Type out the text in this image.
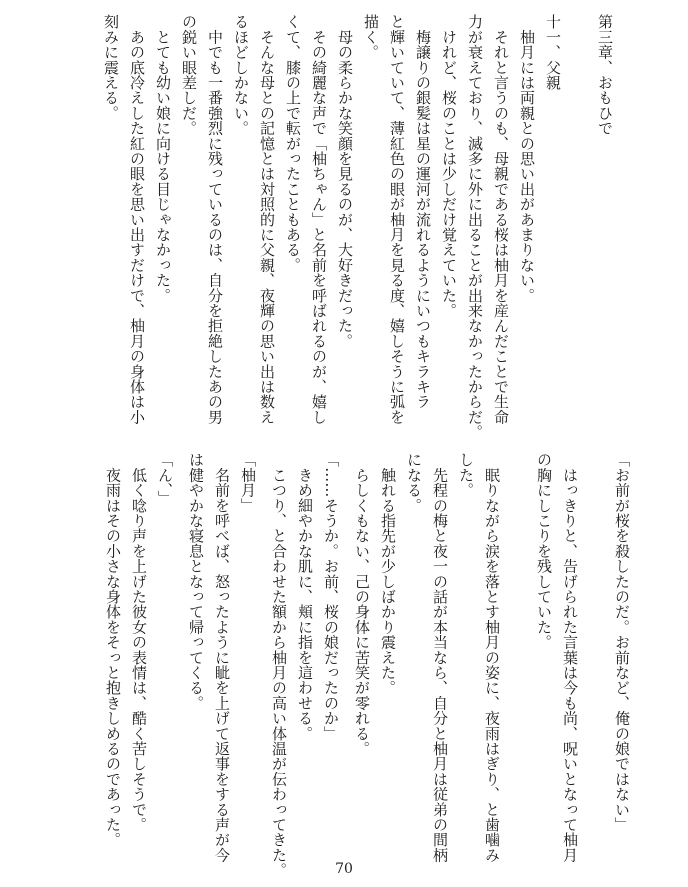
第三章、おもひで
十一、父親
　柚月には両親との思い出があまりない。
　それと言うのも、母親である桜は柚月を産んだことで生命
力が衰えており、滅多に外に出ることが出来なかったからだ。
　けれど、桜のことは少しだけ覚えていた。
　梅譲りの銀髪は星の運河が流れるようにいつもキラキラ
と輝いていて、薄紅色の眼が柚月を見る度、嬉しそうに弧を
描く。
　母の柔らかな笑顔を見るのが、大好きだった。
　その綺麗な声で「柚ちゃん」と名前を呼ばれるのが、嬉し
くて、膝の上で転がったこともある。
　そんな母との記憶とは対照的に父親、夜輝の思い出は数え
るほどしかない。
　中でも一番強烈に残っているのは、自分を拒絶したあの男
の鋭い眼差しだ。
　とても幼い娘に向ける目じゃなかった。
　あの底冷えした紅の眼を思い出すだけで、柚月の身体は小
刻みに震える。
「お前が桜を殺したのだ。お前など、俺の娘ではない」
　はっきりと、告げられた言葉は今も尚、呪いとなって柚月
の胸にしこりを残していた。
　眠りながら涙を落とす柚月の姿に、夜雨はぎり、と歯噛み
した。
　先程の梅と夜一の話が本当なら、自分と柚月は従弟の間柄
になる。
　触れる指先が少しばかり震えた。
　らしくもない、己の身体に苦笑が零れる。
「……そうか。お前、桜の娘だったのか」
　きめ細やかな肌に、頬に指を這わせる。
　こつり、と合わせた額から柚月の高い体温が伝わってきた。
「柚月」
　名前を呼べば、怒ったように眦を上げて返事をする声が今
は健やかな寝息となって帰ってくる。
「ん、」
　低く唸り声を上げた彼女の表情は、酷く苦しそうで。
　夜雨はその小さな身体をそっと抱きしめるのであった。
70
